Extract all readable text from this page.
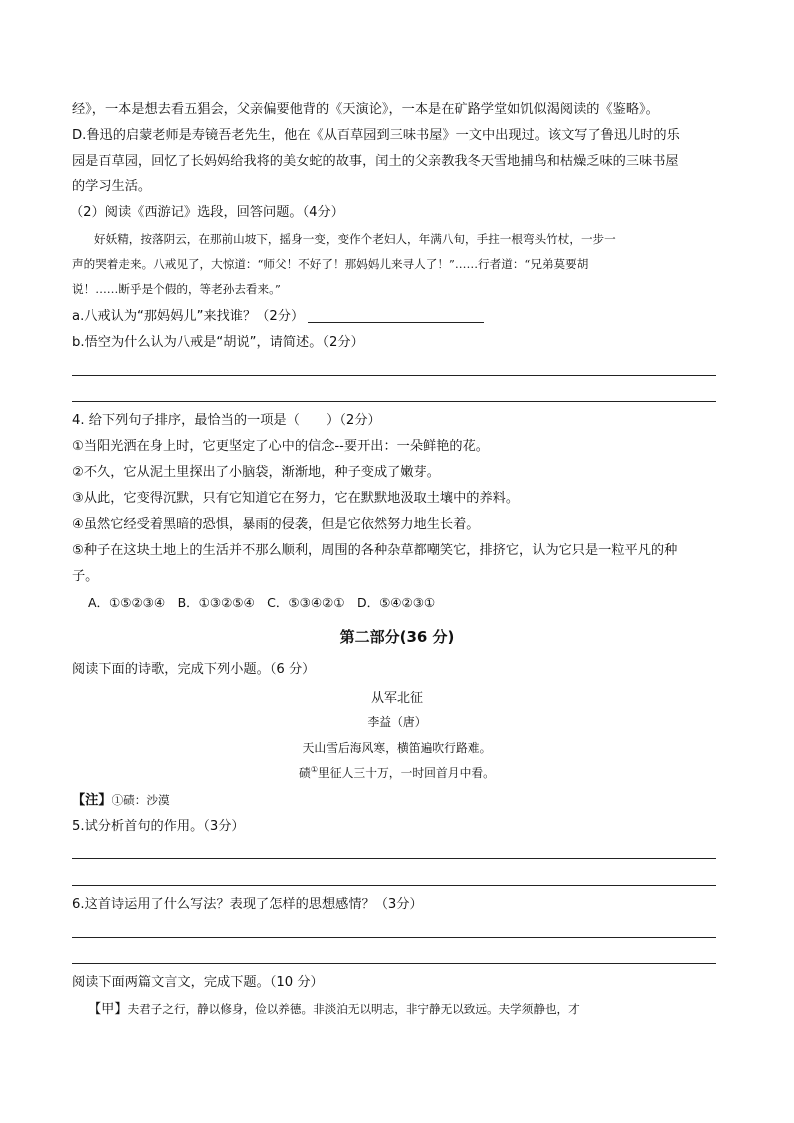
经》，一本是想去看五猖会，父亲偏要他背的《天演论》，一本是在矿路学堂如饥似渴阅读的《鉴略》。
D.鲁迅的启蒙老师是寿镜吾老先生，他在《从百草园到三味书屋》一文中出现过。该文写了鲁迅儿时的乐
园是百草园，回忆了长妈妈给我将的美女蛇的故事，闰土的父亲教我冬天雪地捕鸟和枯燥乏味的三味书屋
的学习生活。
（2）阅读《西游记》选段，回答问题。（4分）
好妖精，按落阴云，在那前山坡下，摇身一变，变作个老妇人，年满八旬，手拄一根弯头竹杖，一步一
声的哭着走来。八戒见了，大惊道：“师父！不好了！那妈妈儿来寻人了！”……行者道：“兄弟莫要胡
说！……断乎是个假的，等老孙去看来。”
a.八戒认为“那妈妈儿”来找谁？（2分）
b.悟空为什么认为八戒是“胡说”，请简述。（2分）
4. 给下列句子排序，最恰当的一项是（　　）（2分）
①当阳光洒在身上时，它更坚定了心中的信念--要开出：一朵鲜艳的花。
②不久，它从泥土里探出了小脑袋，渐渐地，种子变成了嫩芽。
③从此，它变得沉默，只有它知道它在努力，它在默默地汲取土壤中的养料。
④虽然它经受着黑暗的恐惧，暴雨的侵袭，但是它依然努力地生长着。
⑤种子在这块土地上的生活并不那么顺利，周围的各种杂草都嘲笑它，排挤它，认为它只是一粒平凡的种
子。
A．①⑤②③④　B．①③②⑤④　C．⑤③④②①　D．⑤④②③①
第二部分(36 分)
阅读下面的诗歌，完成下列小题。（6 分）
从军北征
李益（唐）
天山雪后海风寒，横笛遍吹行路难。
碛①里征人三十万，一时回首月中看。
【注】①碛：沙漠
5.试分析首句的作用。（3分）
6.这首诗运用了什么写法？表现了怎样的思想感情？（3分）
阅读下面两篇文言文，完成下题。（10 分）
【甲】夫君子之行，静以修身，俭以养德。非淡泊无以明志，非宁静无以致远。夫学须静也，才
